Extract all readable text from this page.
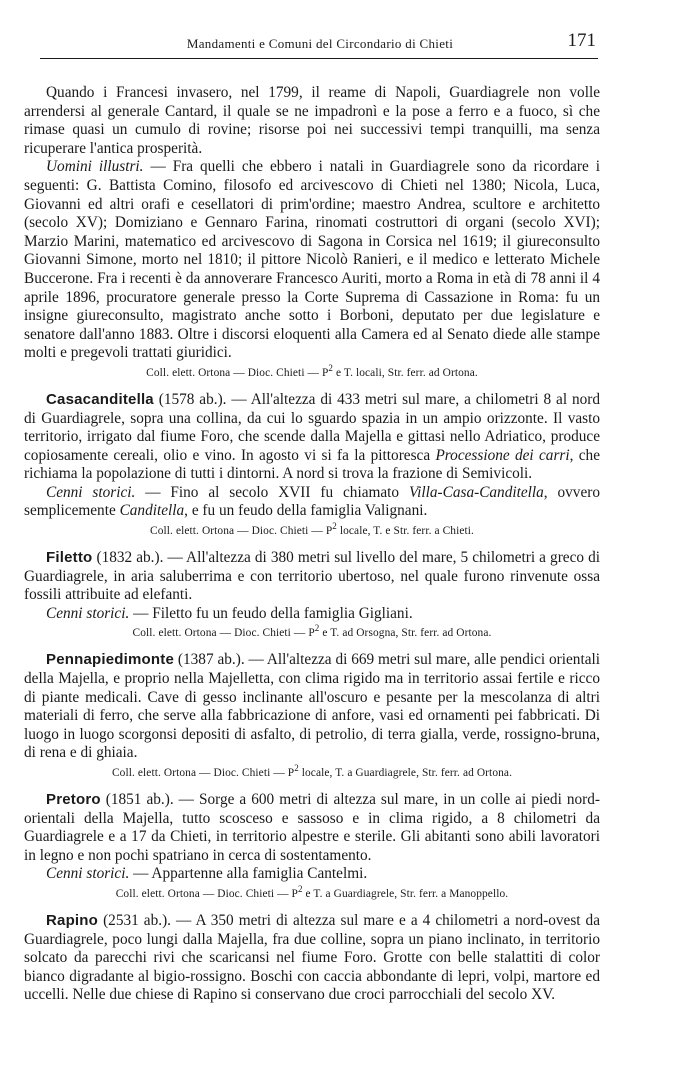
Mandamenti e Comuni del Circondario di Chieti	171

Quando i Francesi invasero, nel 1799, il reame di Napoli, Guardiagrele non volle arrendersi al generale Cantard, il quale se ne impadronì e la pose a ferro e a fuoco, sì che rimase quasi un cumulo di rovine; risorse poi nei successivi tempi tranquilli, ma senza ricuperare l'antica prosperità.

Uomini illustri. — Fra quelli che ebbero i natali in Guardiagrele sono da ricordare i seguenti: G. Battista Comino, filosofo ed arcivescovo di Chieti nel 1380; Nicola, Luca, Giovanni ed altri orafi e cesellatori di prim'ordine; maestro Andrea, scultore e architetto (secolo XV); Domiziano e Gennaro Farina, rinomati costruttori di organi (secolo XVI); Marzio Marini, matematico ed arcivescovo di Sagona in Corsica nel 1619; il giureconsulto Giovanni Simone, morto nel 1810; il pittore Nicolò Ranieri, e il medico e letterato Michele Buccerone. Fra i recenti è da annoverare Francesco Auriti, morto a Roma in età di 78 anni il 4 aprile 1896, procuratore generale presso la Corte Suprema di Cassazione in Roma: fu un insigne giureconsulto, magistrato anche sotto i Borboni, deputato per due legislature e senatore dall'anno 1883. Oltre i discorsi eloquenti alla Camera ed al Senato diede alle stampe molti e pregevoli trattati giuridici.

Coll. elett. Ortona — Dioc. Chieti — $P^2$ e T. locali, Str. ferr. ad Ortona.

Casacanditella (1578 ab.). — All'altezza di 433 metri sul mare, a chilometri 8 al nord di Guardiagrele, sopra una collina, da cui lo sguardo spazia in un ampio orizzonte. Il vasto territorio, irrigato dal fiume Foro, che scende dalla Majella e gittasi nello Adriatico, produce copiosamente cereali, olio e vino. In agosto vi si fa la pittoresca Processione dei carri, che richiama la popolazione di tutti i dintorni. A nord si trova la frazione di Semivicoli.

Cenni storici. — Fino al secolo XVII fu chiamato Villa-Casa-Canditella, ovvero semplicemente Canditella, e fu un feudo della famiglia Valignani.

Coll. elett. Ortona — Dioc. Chieti — $P^2$ locale, T. e Str. ferr. a Chieti.

Filetto (1832 ab.). — All'altezza di 380 metri sul livello del mare, 5 chilometri a greco di Guardiagrele, in aria saluberrima e con territorio ubertoso, nel quale furono rinvenute ossa fossili attribuite ad elefanti.

Cenni storici. — Filetto fu un feudo della famiglia Gigliani.

Coll. elett. Ortona — Dioc. Chieti — $P^2$ e T. ad Orsogna, Str. ferr. ad Ortona.

Pennapiedimonte (1387 ab.). — All'altezza di 669 metri sul mare, alle pendici orientali della Majella, e proprio nella Majelletta, con clima rigido ma in territorio assai fertile e ricco di piante medicali. Cave di gesso inclinante all'oscuro e pesante per la mescolanza di altri materiali di ferro, che serve alla fabbricazione di anfore, vasi ed ornamenti pei fabbricati. Di luogo in luogo scorgonsi depositi di asfalto, di petrolio, di terra gialla, verde, rossigno-bruna, di rena e di ghiaia.

Coll. elett. Ortona — Dioc. Chieti — $P^2$ locale, T. a Guardiagrele, Str. ferr. ad Ortona.

Pretoro (1851 ab.). — Sorge a 600 metri di altezza sul mare, in un colle ai piedi nord-orientali della Majella, tutto scosceso e sassoso e in clima rigido, a 8 chilometri da Guardiagrele e a 17 da Chieti, in territorio alpestre e sterile. Gli abitanti sono abili lavoratori in legno e non pochi spatriano in cerca di sostentamento.

Cenni storici. — Appartenne alla famiglia Cantelmi.

Coll. elett. Ortona — Dioc. Chieti — $P^2$ e T. a Guardiagrele, Str. ferr. a Manoppello.

Rapino (2531 ab.). — A 350 metri di altezza sul mare e a 4 chilometri a nord-ovest da Guardiagrele, poco lungi dalla Majella, fra due colline, sopra un piano inclinato, in territorio solcato da parecchi rivi che scaricansi nel fiume Foro. Grotte con belle stalattiti di color bianco digradante al bigio-rossigno. Boschi con caccia abbondante di lepri, volpi, martore ed uccelli. Nelle due chiese di Rapino si conservano due croci parrocchiali del secolo XV.
